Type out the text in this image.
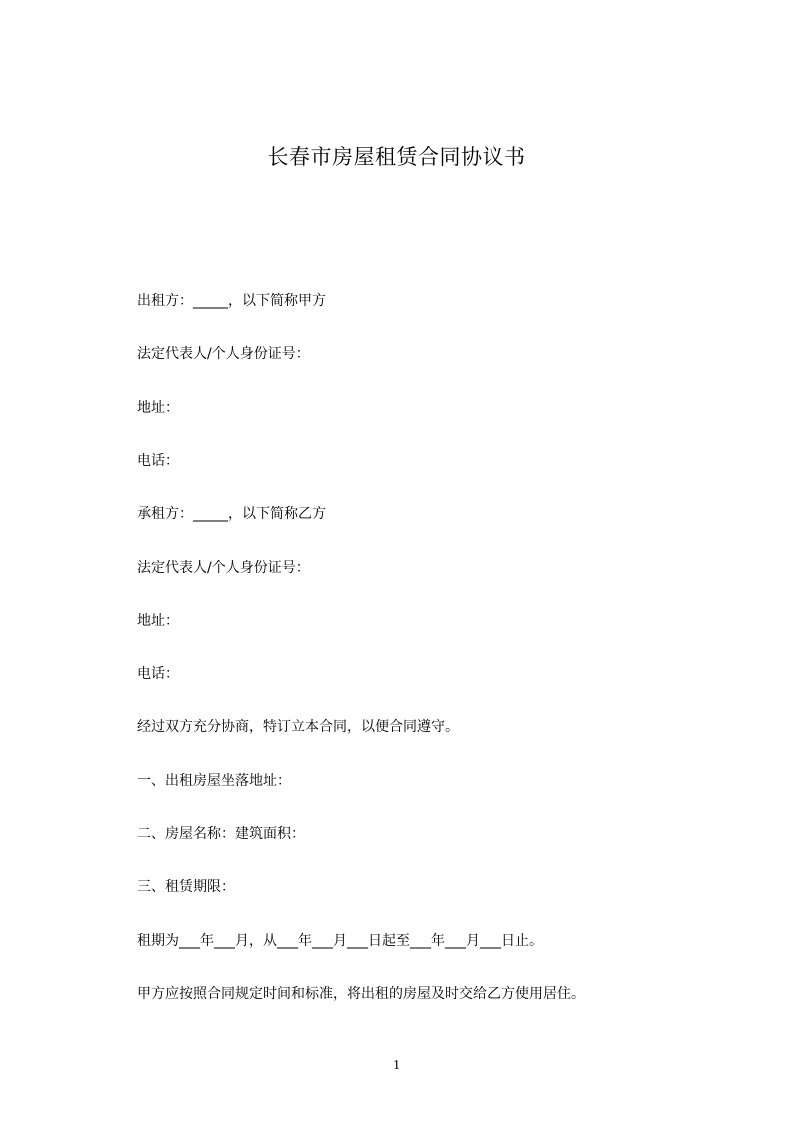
长春市房屋租赁合同协议书
出租方：_____，以下简称甲方
法定代表人/个人身份证号：
地址：
电话：
承租方：_____，以下简称乙方
法定代表人/个人身份证号：
地址：
电话：
经过双方充分协商，特订立本合同，以便合同遵守。
一、出租房屋坐落地址：
二、房屋名称：建筑面积：
三、租赁期限：
租期为___年___月，从___年___月___日起至___年___月___日止。
甲方应按照合同规定时间和标准，将出租的房屋及时交给乙方使用居住。
1
